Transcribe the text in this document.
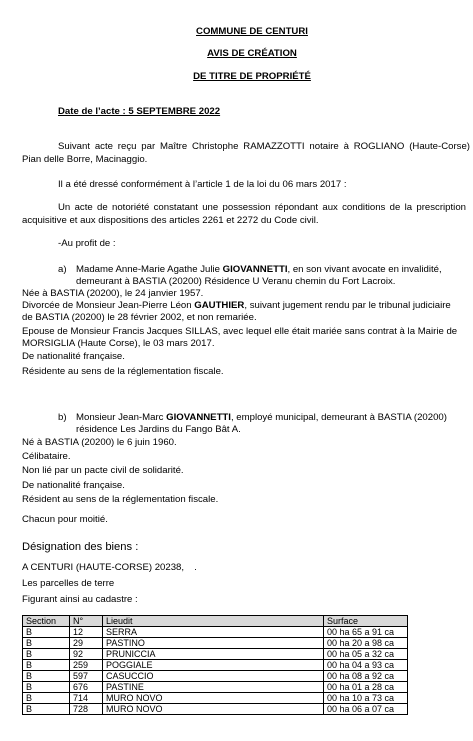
COMMUNE DE CENTURI
AVIS DE CRÉATION
DE TITRE DE PROPRIÉTÉ
Date de l’acte : 5 SEPTEMBRE 2022
Suivant acte reçu par Maître Christophe RAMAZZOTTI notaire à ROGLIANO (Haute-Corse)
Pian delle Borre, Macinaggio.
Il a été dressé conformément à l’article 1 de la loi du 06 mars 2017 :
Un acte de notoriété constatant une possession répondant aux conditions de la prescription
acquisitive et aux dispositions des articles 2261 et 2272 du Code civil.
-Au profit de :
a) Madame Anne-Marie Agathe Julie GIOVANNETTI, en son vivant avocate en invalidité,
demeurant à BASTIA (20200) Résidence U Veranu chemin du Fort Lacroix.
Née à BASTIA (20200), le 24 janvier 1957.
Divorcée de Monsieur Jean-Pierre Léon GAUTHIER, suivant jugement rendu par le tribunal judiciaire
de BASTIA (20200) le 28 février 2002, et non remariée.
Epouse de Monsieur Francis Jacques SILLAS, avec lequel elle était mariée sans contrat à la Mairie de
MORSIGLIA (Haute Corse), le 03 mars 2017.
De nationalité française.
Résidente au sens de la réglementation fiscale.
b) Monsieur Jean-Marc GIOVANNETTI, employé municipal, demeurant à BASTIA (20200)
résidence Les Jardins du Fango Bât A.
Né à BASTIA (20200) le 6 juin 1960.
Célibataire.
Non lié par un pacte civil de solidarité.
De nationalité française.
Résident au sens de la réglementation fiscale.
Chacun pour moitié.
Désignation des biens :
A CENTURI (HAUTE-CORSE) 20238, .
Les parcelles de terre
Figurant ainsi au cadastre :
Section	N°	Lieudit	Surface
B	12	SERRA	00 ha 65 a 91 ca
B	29	PASTINO	00 ha 20 a 98 ca
B	92	PRUNICCIA	00 ha 05 a 32 ca
B	259	POGGIALE	00 ha 04 a 93 ca
B	597	CASUCCIO	00 ha 08 a 92 ca
B	676	PASTINE	00 ha 01 a 28 ca
B	714	MURO NOVO	00 ha 10 a 73 ca
B	728	MURO NOVO	00 ha 06 a 07 ca
